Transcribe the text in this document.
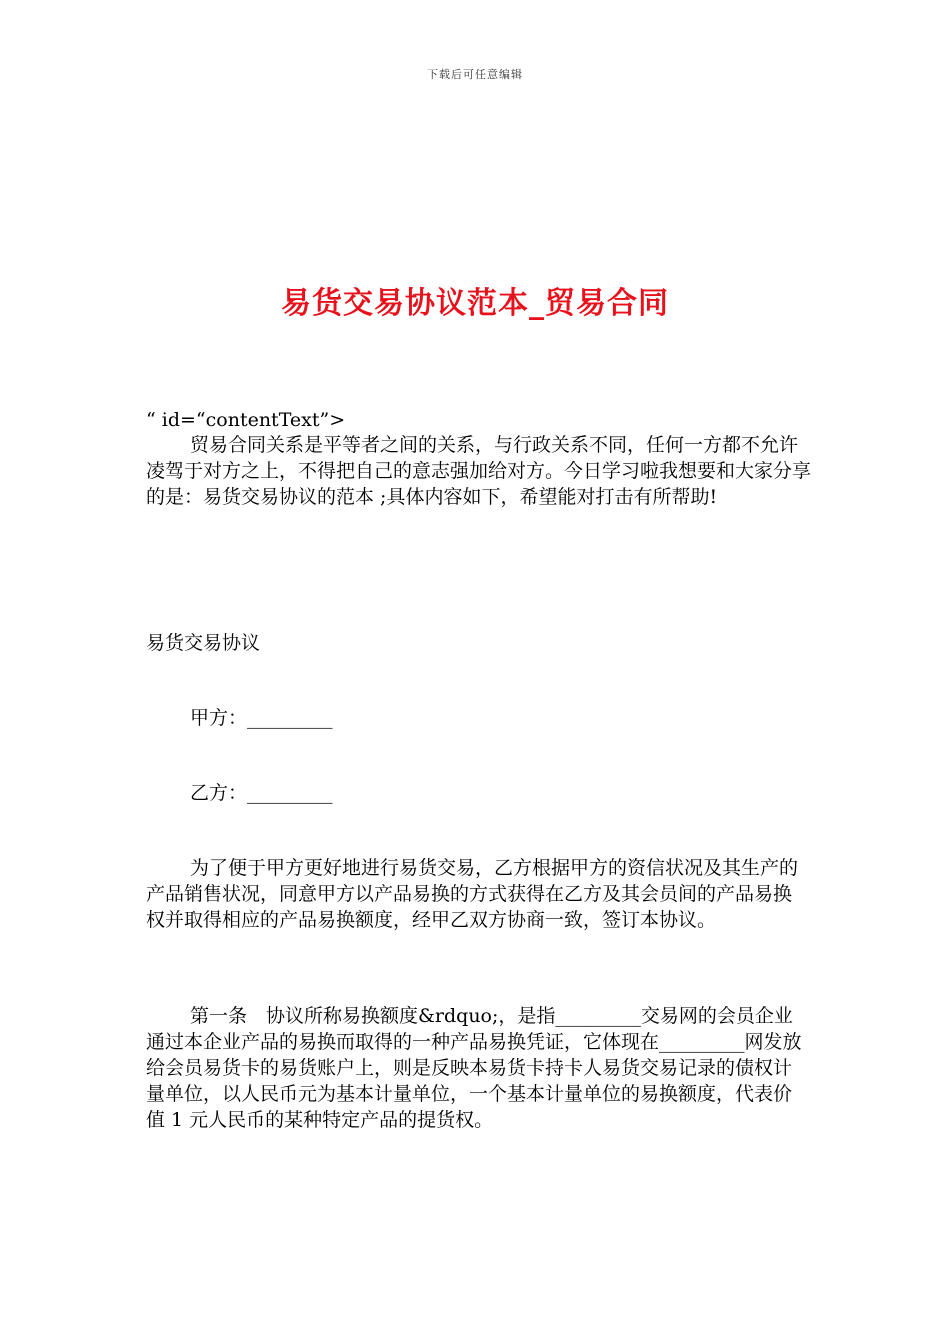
下载后可任意编辑
易货交易协议范本_贸易合同
“ id=“contentText”>
贸易合同关系是平等者之间的关系，与行政关系不同，任何一方都不允许凌驾于对方之上，不得把自己的意志强加给对方。今日学习啦我想要和大家分享的是：易货交易协议的范本 ;具体内容如下，希望能对打击有所帮助!
易货交易协议
甲方：_________
乙方：_________
为了便于甲方更好地进行易货交易，乙方根据甲方的资信状况及其生产的产品销售状况，同意甲方以产品易换的方式获得在乙方及其会员间的产品易换权并取得相应的产品易换额度，经甲乙双方协商一致，签订本协议。
第一条　协议所称易换额度&rdquo;，是指_________交易网的会员企业通过本企业产品的易换而取得的一种产品易换凭证，它体现在_________网发放给会员易货卡的易货账户上，则是反映本易货卡持卡人易货交易记录的债权计量单位，以人民币元为基本计量单位，一个基本计量单位的易换额度，代表价值 1 元人民币的某种特定产品的提货权。
